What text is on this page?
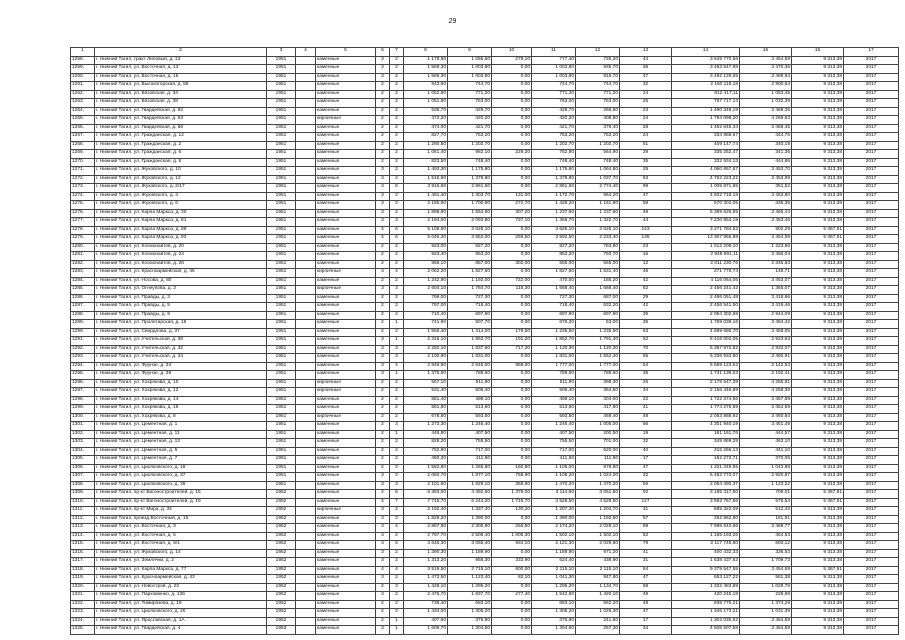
29
1	2	3	4	5	6	7	8	9	10	11	12	13	14	15	16	17
1258.	г. Нижний Тагил, тракт Липовый, д. 13	1951		каменные	3	2	1 178,90	1 056,50	279,10	777,40	726,20	44	3 649 770,56	3 454,59	9 313,38	2017
1259.	г. Нижний Тагил, ул. Восточная, д. 13	1951		каменные	3	2	1 569,30	1 003,80	0,00	1 003,80	935,70	36	3 483 547,98	3 470,36	9 313,38	2017
1260.	г. Нижний Тагил, ул. Восточная, д. 15	1951		каменные	3	2	1 569,30	1 003,80	0,00	1 003,80	816,70	47	3 482 128,65	3 469,94	9 313,38	2017
1261.	г. Нижний Тагил, ул. Высокогорская, д. 58	1951		каменные	2	2	943,60	744,70	0,00	744,70	744,70	32	2 160 118,18	2 900,64	9 313,38	2017
1262.	г. Нижний Тагил, ул. Вязовская, д. 34	1951		каменные	2	2	1 062,80	771,20	0,00	771,20	771,20	24	812 417,11	1 053,45	9 313,38	2017
1263.	г. Нижний Тагил, ул. Вязовская, д. 38	1951		каменные	2	2	1 051,80	763,00	0,00	763,00	763,00	25	787 717,14	1 032,39	9 313,38	2017
1264.	г. Нижний Тагил, ул. Гвардейская, д. 62	1951		каменные	2	2	535,70	429,70	0,00	429,70	266,60	23	1 490 349,19	3 468,35	9 313,38	2017
1265.	г. Нижний Тагил, ул. Гвардейская, д. 63	1951		кирпичные	2	2	472,20	420,20	0,00	420,20	408,80	24	1 794 098,20	4 269,63	9 313,38	2017
1266.	г. Нижний Тагил, ул. Гвардейская, д. 66	1951		каменные	2	2	474,00	421,70	0,00	421,70	378,40	28	1 462 645,34	3 468,45	9 313,38	2017
1267.	г. Нижний Тагил, ул. Гражданская, д. 12	1951		каменные	2	2	827,70	753,20	0,00	753,20	753,20	24	334 988,67	444,75	9 313,38	2017
1268.	г. Нижний Тагил, ул. Гражданская, д. 2	1951		каменные	2	2	1 280,50	1 202,70	0,00	1 202,70	1 202,70	51	409 147,74	340,19	9 313,38	2017
1269.	г. Нижний Тагил, ул. Гражданская, д. 6	1951		каменные	2	2	1 061,40	982,10	229,20	752,90	564,90	29	335 252,47	341,36	9 313,38	2017
1270.	г. Нижний Тагил, ул. Гражданская, д. 8	1951		каменные	2	2	823,50	748,40	0,00	748,40	748,40	35	332 934,13	444,86	9 313,38	2017
1271.	г. Нижний Тагил, ул. Жуковского, д. 10	1951		каменные	3	2	1 493,30	1 175,80	0,00	1 175,80	1 064,80	25	4 060 857,67	3 453,70	9 313,38	2017
1272.	г. Нижний Тагил, ул. Жуковского, д. 12	1951		каменные	3	2	1 516,60	1 378,80	0,00	1 378,80	1 037,70	53	4 762 223,22	3 453,89	9 313,38	2017
1273.	г. Нижний Тагил, ул. Жуковского, д. 2/17	1951		каменные	3	5	3 916,60	2 861,50	0,00	2 861,50	2 774,40	99	1 005 871,85	351,52	9 313,38	2017
1274.	г. Нижний Тагил, ул. Жуковского, д. 4	1951		каменные	3	2	1 491,40	1 303,70	131,00	1 172,70	964,20	47	4 502 718,18	3 453,80	9 313,38	2017
1275.	г. Нижний Тагил, ул. Жуковского, д. 6	1951		каменные	3	3	2 185,60	1 700,90	272,70	1 428,20	1 161,90	58	570 302,05	335,35	9 313,38	2017
1276.	г. Нижний Тагил, ул. Карла Маркса, д. 30	1951		каменные	3	2	1 898,80	1 554,80	307,20	1 237,60	1 237,60	48	5 389 626,55	3 466,44	9 313,38	2017
1277.	г. Нижний Тагил, ул. Карла Маркса, д. 81	1951		каменные	3	3	2 194,00	2 093,80	737,10	1 356,70	1 322,70	44	7 230 854,19	3 453,46	9 313,38	2017
1278.	г. Нижний Тагил, ул. Карла Маркса, д. 89	1951		каменные	4	6	5 108,60	3 626,10	0,00	3 626,10	3 626,10	143	3 271 784,52	902,29	5 367,91	2017
1279.	г. Нижний Тагил, ул. Карла Маркса, д. 93	1951		каменные	4	6	5 046,20	3 852,00	259,50	3 592,50	2 233,40	135	13 307 966,88	3 454,59	5 367,91	2017
1280.	г. Нижний Тагил, ул. Космонавтов, д. 20	1951		каменные	2	2	923,00	827,20	0,00	827,20	783,80	23	1 012 209,10	1 223,66	9 313,38	2017
1281.	г. Нижний Тагил, ул. Космонавтов, д. 24	1951		каменные	2	2	923,40	853,20	0,00	853,20	793,70	16	2 948 691,11	3 456,04	9 313,38	2017
1282.	г. Нижний Тагил, ул. Космонавтов, д. 26	1951		каменные	2	2	956,10	857,00	302,00	555,00	555,00	12	2 011 230,76	2 346,83	9 313,38	2017
1283.	г. Нижний Тагил, ул. Красноармейская, д. 45	1951		кирпичные	3	4	2 062,20	1 827,60	0,00	1 827,60	1 531,40	46	271 778,74	148,71	9 313,38	2017
1284.	г. Нижний Тагил, ул. Носова, д. 80	1951		каменные	2	2	1 242,90	1 192,00	722,00	470,00	185,20	42	4 116 064,06	3 453,07	9 313,38	2017
1285.	г. Нижний Тагил, ул. Огнеупова, д. 3	1951		кирпичные	3	3	2 604,10	1 784,70	116,30	1 668,40	1 668,40	62	2 456 241,42	1 365,07	9 313,38	2017
1286.	г. Нижний Тагил, ул. Правды, д. 3	1951		каменные	2	2	799,00	727,30	0,00	727,30	687,00	29	2 486 051,48	3 418,66	9 313,38	2017
1287.	г. Нижний Тагил, ул. Правды, д. 5	1951		каменные	2	2	797,00	718,40	0,00	718,40	632,20	42	2 456 541,50	3 419,46	9 313,38	2017
1288.	г. Нижний Тагил, ул. Правды, д. 9	1951		каменные	2	2	710,40	697,90	0,00	697,90	697,90	36	2 054 302,68	2 944,09	9 313,38	2017
1289.	г. Нижний Тагил, ул. Пролетарская, д. 19	1951		каменные	2	1	741,90	507,70	0,00	676,30	53,00	35	1 769 039,16	3 484,42	9 313,38	2017
1290.	г. Нижний Тагил, ул. Свердлова, д. 37	1951		каменные	2	2	1 566,40	1 414,00	178,50	1 235,50	1 235,50	63	4 889 686,70	3 458,05	9 313,38	2017
1291.	г. Нижний Тагил, ул. Учительская, д. 30	1951		каменные	3	1	2 316,10	1 852,70	191,20	1 852,70	1 791,40	52	5 416 002,05	2 923,63	9 313,38	2017
1292.	г. Нижний Тагил, ул. Учительская, д. 32	1951		каменные	3	3	2 292,10	1 837,60	717,30	1 120,30	1 120,30	70	5 387 972,82	2 932,07	9 313,38	2017
1293.	г. Нижний Тагил, ул. Учительская, д. 34	1951		каменные	3	3	2 100,90	1 831,00	0,00	1 831,00	1 552,40	65	6 336 933,80	3 460,91	9 313,38	2017
1294.	г. Нижний Тагил, ул. Фрунзе, д. 34	1951		каменные	3	4	2 846,90	2 646,00	869,00	1 777,00	1 777,00	54	5 669 123,62	2 142,53	9 313,38	2017
1295.	г. Нижний Тагил, ул. Фрунзе, д. 38	1951		каменные	3	1	1 375,60	789,60	0,00	789,60	789,60	36	1 731 139,03	2 192,41	9 313,38	2017
1296.	г. Нижний Тагил, ул. Хохрякова, д. 10	1951		кирпичные	2	2	567,10	511,90	0,00	511,90	398,30	26	2 178 547,39	4 255,81	9 313,38	2017
1297.	г. Нижний Тагил, ул. Хохрякова, д. 12	1951		кирпичные	2	2	531,40	506,40	0,00	506,40	364,60	34	2 156 446,89	4 258,39	9 313,38	2017
1298.	г. Нижний Тагил, ул. Хохрякова, д. 14	1951		каменные	2	2	551,40	498,10	0,00	498,10	404,00	22	1 722 374,56	3 457,89	9 313,38	2017
1299.	г. Нижний Тагил, ул. Хохрякова, д. 16	1951		каменные	2	2	561,80	513,60	0,00	513,60	417,80	41	1 774 275,59	3 454,59	9 313,38	2017
1300.	г. Нижний Тагил, ул. Хохрякова, д. 8	1951		кирпичные	2	2	678,80	593,50	0,00	593,50	468,40	49	2 053 888,92	3 460,64	9 313,38	2017
1301.	г. Нижний Тагил, ул. Цементная, д. 1	1951		каменные	2	3	1 273,30	1 246,40	0,00	1 246,40	1 005,00	56	4 301 940,19	3 451,49	9 313,38	2017
1302.	г. Нижний Тагил, ул. Цементная, д. 11	1951		каменные	2	1	446,80	407,50	0,00	407,50	200,50	19	181 161,76	444,57	9 313,38	2017
1303.	г. Нижний Тагил, ул. Цементная, д. 13	1951		каменные	2	2	828,20	755,50	0,00	755,50	701,00	32	349 869,28	463,10	9 313,38	2017
1304.	г. Нижний Тагил, ул. Цементная, д. 5	1951		каменные	2	2	752,90	717,00	0,00	717,00	520,00	40	316 266,13	441,10	9 313,38	2017
1305.	г. Нижний Тагил, ул. Цементная, д. 7	1951		каменные	2	2	450,30	411,50	0,00	411,50	111,50	17	152 273,71	370,05	9 313,38	2017
1306.	г. Нижний Тагил, ул. Циолковского, д. 18	1951		каменные	2	3	1 582,80	1 265,80	160,80	1 105,00	978,80	47	1 321 349,55	1 043,88	9 313,38	2017
1307.	г. Нижний Тагил, ул. Циолковского, д. 37	1951		каменные	3	3	2 060,70	1 877,10	768,90	1 108,20	1 024,00	32	5 482 773,07	2 920,87	9 313,38	2017
1308.	г. Нижний Тагил, ул. Циолковского, д. 39	1951		каменные	3	3	2 101,50	1 829,10	358,90	1 470,20	1 470,20	56	2 054 490,37	1 123,22	9 313,38	2017
1309.	г. Нижний Тагил, пр-кт Вагоностроителей, д. 15	1952		каменные	4	6	6 383,00	4 492,60	1 378,00	3 114,60	3 051,50	92	3 185 317,50	709,01	5 367,91	2017
1310.	г. Нижний Тагил, пр-кт Вагоностроителей, д. 19	1952		каменные	4	7	7 715,70	6 244,20	1 715,70	4 528,50	4 528,50	127	3 593 767,66	575,54	5 367,91	2017
1311.	г. Нижний Тагил, пр-кт Мира, д. 34	1952		кирпичные	3	2	2 192,40	1 337,40	130,20	1 207,20	1 204,70	31	685 322,09	512,43	9 313,38	2017
1312.	г. Нижний Тагил, проезд Восточный, д. 15	1952		каменные	3	3	1 829,20	1 390,00	0,00	1 390,00	1 192,50	57	252 862,90	181,91	9 313,38	2017
1313.	г. Нижний Тагил, ул. Восточная, д. 3	1952		каменные	3	4	2 887,80	2 305,90	255,50	2 174,20	2 028,10	89	7 998 642,66	3 468,77	9 313,38	2017
1314.	г. Нижний Тагил, ул. Восточная, д. 5	1952		каменные	3	2	2 797,70	2 508,40	1 006,30	1 502,10	1 502,10	52	1 165 193,26	464,53	9 313,38	2017
1315.	г. Нижний Тагил, ул. Восточная, д. 9/1	1952		каменные	3	5	3 645,30	3 055,40	934,10	2 121,30	2 029,60	79	2 117 745,80	693,12	9 313,38	2017
1316.	г. Нижний Тагил, ул. Жуковского, д. 14	1952		каменные	3	2	1 390,30	1 189,90	0,00	1 189,90	971,20	41	400 432,33	336,53	9 313,38	2017
1317.	г. Нижний Тагил, ул. Землячки, д. 2	1952		каменные	3	2	1 313,20	958,30	333,90	624,40	438,90	31	1 638 437,62	1 709,73	9 313,38	2017
1318.	г. Нижний Тагил, ул. Карла Маркса, д. 77	1952		каменные	4	4	3 519,50	2 715,10	600,00	2 115,10	2 115,10	64	9 379 547,55	3 454,59	5 367,91	2017
1319.	г. Нижний Тагил, ул. Красноармейская, д. 43	1952		каменные	3	2	1 472,50	1 123,40	82,10	1 041,30	947,80	47	653 127,22	581,38	9 313,38	2017
1320.	г. Нижний Тагил, ул. Новострой, д. 23	1952		каменные	2	3	1 428,10	1 295,20	0,00	1 295,20	1 134,70	68	1 332 483,89	1 028,79	9 313,38	2017
1321.	г. Нижний Тагил, ул. Пархоменко, д. 136	1952		каменные	3	2	2 475,70	1 837,70	277,40	1 542,80	1 420,10	49	420 245,18	228,68	9 313,38	2017
1322.	г. Нижний Тагил, ул. Тимирязева, д. 19	1952		каменные	2	2	736,40	683,10	0,00	683,10	562,20	48	938 775,21	1 374,29	9 313,38	2017
1323.	г. Нижний Тагил, ул. Циолковского, д. 20	1952		каменные	2	3	1 434,00	1 305,20	0,00	1 305,20	1 025,30	47	1 346 173,21	1 031,39	9 313,38	2017
1324.	г. Нижний Тагил, ул. Ярославская, д. 1А	1952		каменные	2	1	407,60	376,90	0,00	376,90	241,60	17	1 302 035,62	3 454,59	9 313,38	2017
1325.	г. Нижний Тагил, ул. Гвардейская, д. 4	1953		каменные	3	1	1 609,70	1 304,50	0,00	1 304,50	257,30	34	4 506 507,58	3 454,59	9 313,38	2017
